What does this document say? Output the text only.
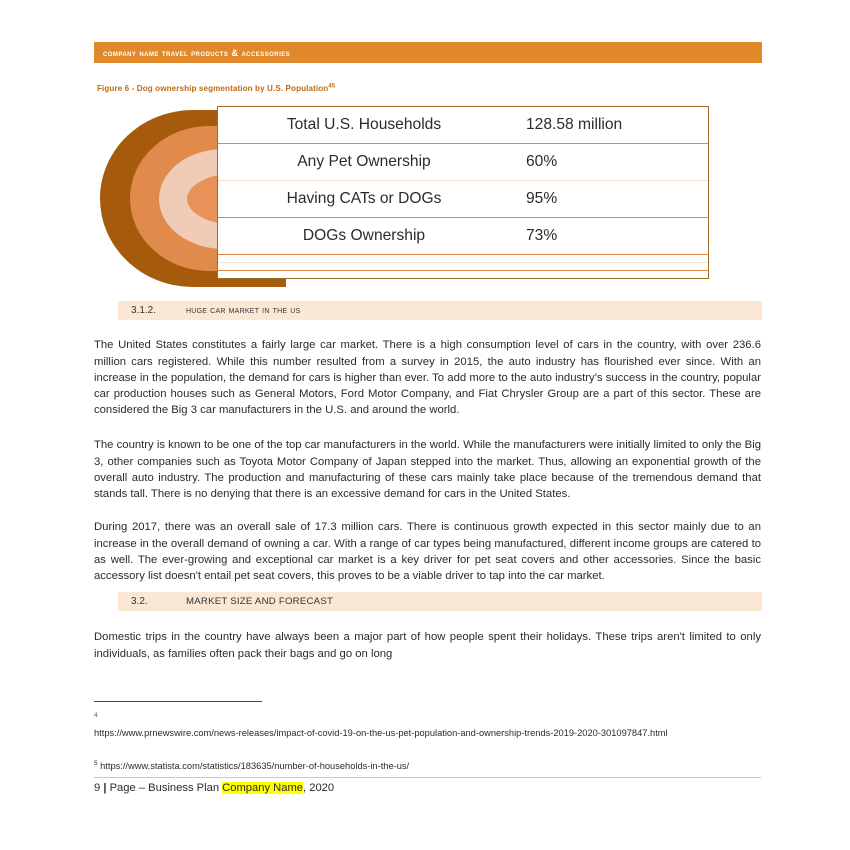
company name travel products & accessories
Figure 6 - Dog ownership segmentation by U.S. Population$^{45}$
Total U.S. Households	128.58 million
Any Pet Ownership	60%
Having CATs or DOGs	95%
DOGs Ownership	73%

3.1.2.	huge car market in the us

The United States constitutes a fairly large car market. There is a high consumption level of cars in the country, with over 236.6 million cars registered. While this number resulted from a survey in 2015, the auto industry has flourished ever since. With an increase in the population, the demand for cars is higher than ever. To add more to the auto industry's success in the country, popular car production houses such as General Motors, Ford Motor Company, and Fiat Chrysler Group are a part of this sector. These are considered the Big 3 car manufacturers in the U.S. and around the world.

The country is known to be one of the top car manufacturers in the world. While the manufacturers were initially limited to only the Big 3, other companies such as Toyota Motor Company of Japan stepped into the market. Thus, allowing an exponential growth of the overall auto industry. The production and manufacturing of these cars mainly take place because of the tremendous demand that stands tall. There is no denying that there is an excessive demand for cars in the United States.

During 2017, there was an overall sale of 17.3 million cars. There is continuous growth expected in this sector mainly due to an increase in the overall demand of owning a car. With a range of car types being manufactured, different income groups are catered to as well. The ever-growing and exceptional car market is a key driver for pet seat covers and other accessories. Since the basic accessory list doesn't entail pet seat covers, this proves to be a viable driver to tap into the car market.

3.2.	MARKET SIZE AND FORECAST

Domestic trips in the country have always been a major part of how people spent their holidays. These trips aren't limited to only individuals, as families often pack their bags and go on long

4
https://www.prnewswire.com/news-releases/impact-of-covid-19-on-the-us-pet-population-and-ownership-trends-2019-2020-301097847.html
$^5$ https://www.statista.com/statistics/183635/number-of-households-in-the-us/
9 | Page – Business Plan Company Name, 2020
